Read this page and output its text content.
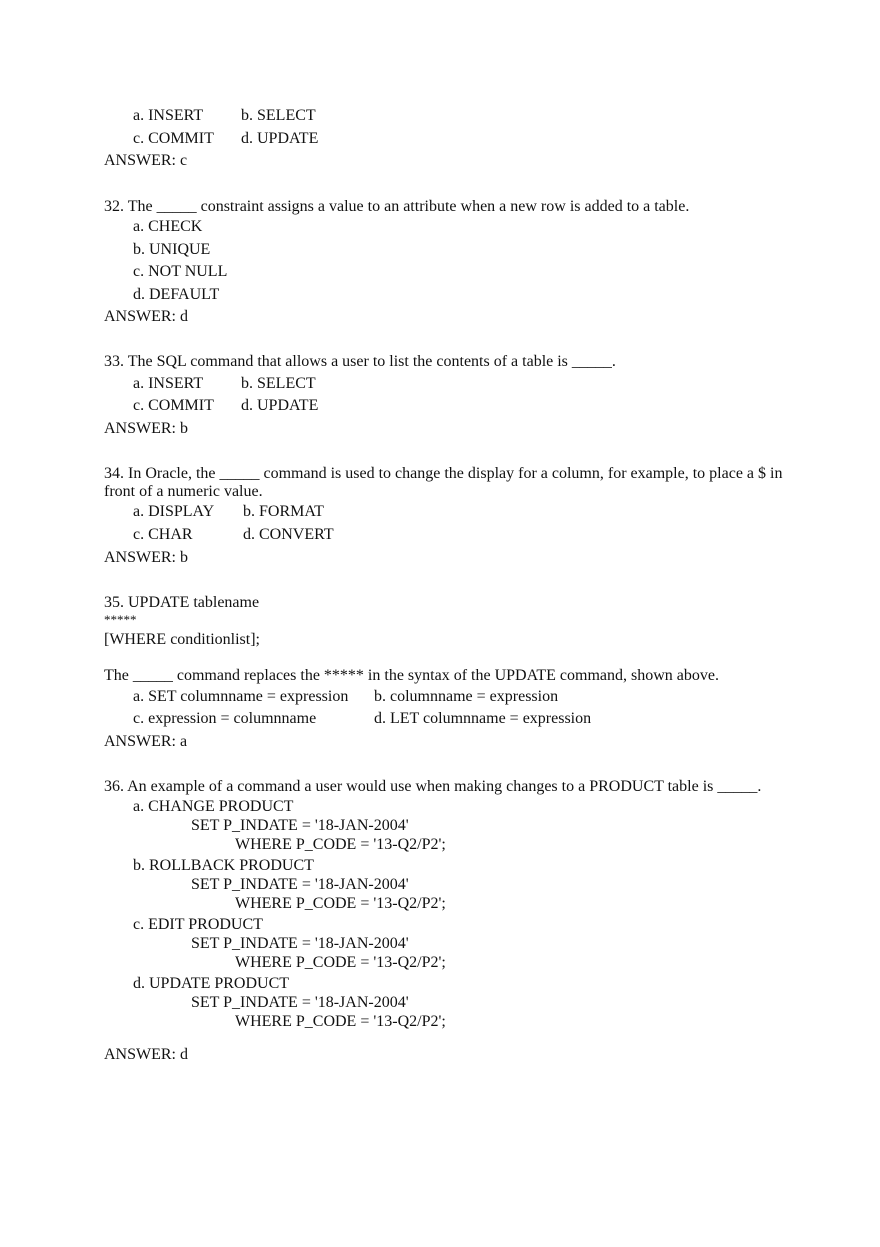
a. INSERT b. SELECT
c. COMMIT d. UPDATE
ANSWER: c
32. The _____ constraint assigns a value to an attribute when a new row is added to a table.
a. CHECK
b. UNIQUE
c. NOT NULL
d. DEFAULT
ANSWER: d
33. The SQL command that allows a user to list the contents of a table is _____.
a. INSERT b. SELECT
c. COMMIT d. UPDATE
ANSWER: b
34. In Oracle, the _____ command is used to change the display for a column, for example, to place a $ in
front of a numeric value.
a. DISPLAY b. FORMAT
c. CHAR	d. CONVERT
ANSWER: b
35. UPDATE tablename
*****
[WHERE conditionlist];
The _____ command replaces the ***** in the syntax of the UPDATE command, shown above.
a. SET columnname = expression b. columnname = expression
c. expression = columnname	d. LET columnname = expression
ANSWER: a
36. An example of a command a user would use when making changes to a PRODUCT table is _____.
a. CHANGE PRODUCT
SET P_INDATE = '18-JAN-2004'
WHERE P_CODE = '13-Q2/P2';
b. ROLLBACK PRODUCT
SET P_INDATE = '18-JAN-2004'
WHERE P_CODE = '13-Q2/P2';
c. EDIT PRODUCT
SET P_INDATE = '18-JAN-2004'
WHERE P_CODE = '13-Q2/P2';
d. UPDATE PRODUCT
SET P_INDATE = '18-JAN-2004'
WHERE P_CODE = '13-Q2/P2';
ANSWER: d
